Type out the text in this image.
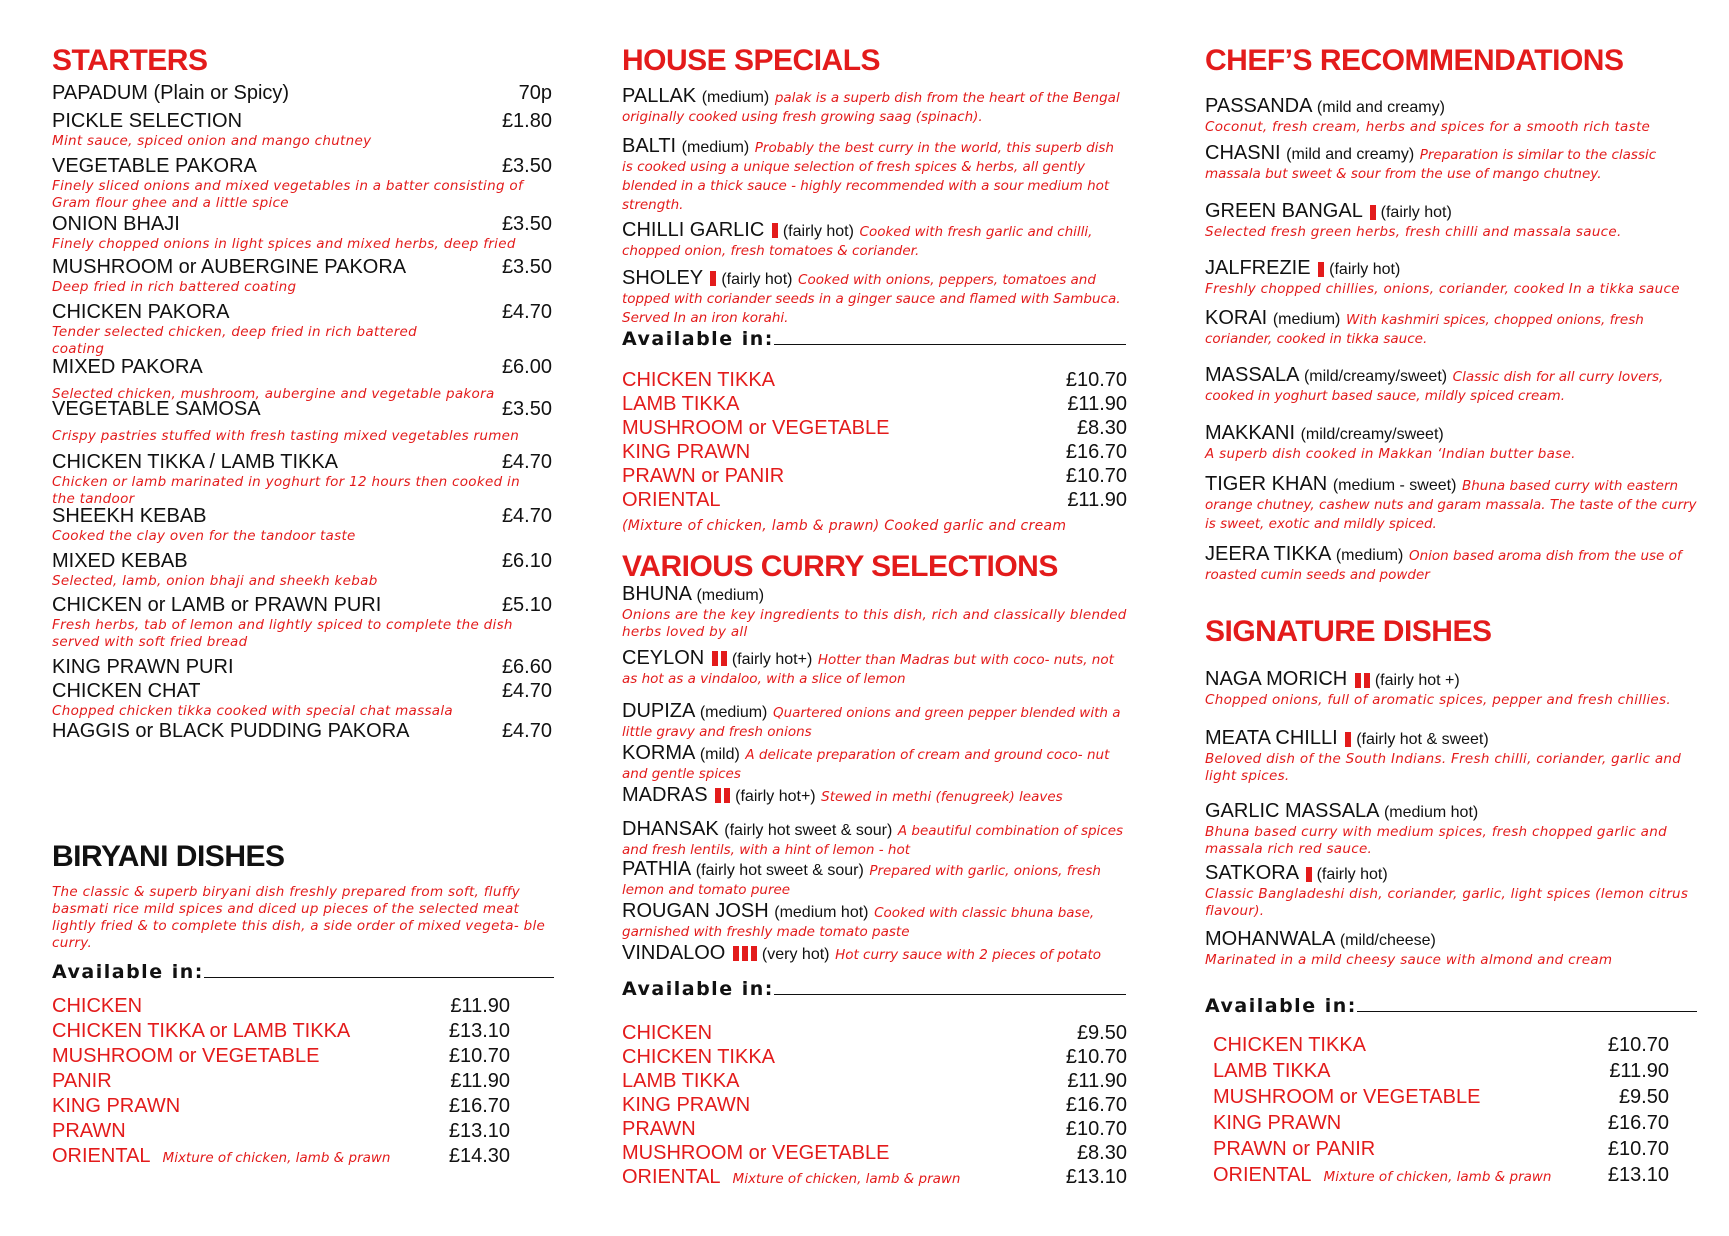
STARTERS
PAPADUM (Plain or Spicy)	70p
PICKLE SELECTION	£1.80
Mint sauce, spiced onion and mango chutney
VEGETABLE PAKORA	£3.50
Finely sliced onions and mixed vegetables in a batter consisting of Gram flour ghee and a little spice
ONION BHAJI	£3.50
Finely chopped onions in light spices and mixed herbs, deep fried
MUSHROOM or AUBERGINE PAKORA	£3.50
Deep fried in rich battered coating
CHICKEN PAKORA	£4.70
Tender selected chicken, deep fried in rich battered coating
MIXED PAKORA	£6.00
Selected chicken, mushroom, aubergine and vegetable pakora
VEGETABLE SAMOSA	£3.50
Crispy pastries stuffed with fresh tasting mixed vegetables rumen
CHICKEN TIKKA / LAMB TIKKA	£4.70
Chicken or lamb marinated in yoghurt for 12 hours then cooked in the tandoor
SHEEKH KEBAB	£4.70
Cooked the clay oven for the tandoor taste
MIXED KEBAB	£6.10
Selected, lamb, onion bhaji and sheekh kebab
CHICKEN or LAMB or PRAWN PURI	£5.10
Fresh herbs, tab of lemon and lightly spiced to complete the dish served with soft fried bread
KING PRAWN PURI	£6.60
CHICKEN CHAT	£4.70
Chopped chicken tikka cooked with special chat massala
HAGGIS or BLACK PUDDING PAKORA	£4.70
BIRYANI DISHES
The classic & superb biryani dish freshly prepared from soft, fluffy basmati rice mild spices and diced up pieces of the selected meat lightly fried & to complete this dish, a side order of mixed vegeta- ble curry.
Available in:
CHICKEN	£11.90
CHICKEN TIKKA or LAMB TIKKA	£13.10
MUSHROOM or VEGETABLE	£10.70
PANIR	£11.90
KING PRAWN	£16.70
PRAWN	£13.10
ORIENTAL Mixture of chicken, lamb & prawn	£14.30
HOUSE SPECIALS
PALLAK (medium) palak is a superb dish from the heart of the Bengal originally cooked using fresh growing saag (spinach).
BALTI (medium) Probably the best curry in the world, this superb dish is cooked using a unique selection of fresh spices & herbs, all gently blended in a thick sauce - highly recommended with a sour medium hot strength.
CHILLI GARLIC (fairly hot) Cooked with fresh garlic and chilli, chopped onion, fresh tomatoes & coriander.
SHOLEY (fairly hot) Cooked with onions, peppers, tomatoes and topped with coriander seeds in a ginger sauce and flamed with Sambuca. Served In an iron korahi.
Available in:
CHICKEN TIKKA	£10.70
LAMB TIKKA	£11.90
MUSHROOM or VEGETABLE	£8.30
KING PRAWN	£16.70
PRAWN or PANIR	£10.70
ORIENTAL	£11.90
(Mixture of chicken, lamb & prawn) Cooked garlic and cream
VARIOUS CURRY SELECTIONS
BHUNA (medium)
Onions are the key ingredients to this dish, rich and classically blended herbs loved by all
CEYLON (fairly hot+) Hotter than Madras but with coco- nuts, not as hot as a vindaloo, with a slice of lemon
DUPIZA (medium) Quartered onions and green pepper blended with a little gravy and fresh onions
KORMA (mild) A delicate preparation of cream and ground coco- nut and gentle spices
MADRAS (fairly hot+) Stewed in methi (fenugreek) leaves
DHANSAK (fairly hot sweet & sour) A beautiful combination of spices and fresh lentils, with a hint of lemon - hot
PATHIA (fairly hot sweet & sour) Prepared with garlic, onions, fresh lemon and tomato puree
ROUGAN JOSH (medium hot) Cooked with classic bhuna base, garnished with freshly made tomato paste
VINDALOO (very hot) Hot curry sauce with 2 pieces of potato
Available in:
CHICKEN	£9.50
CHICKEN TIKKA	£10.70
LAMB TIKKA	£11.90
KING PRAWN	£16.70
PRAWN	£10.70
MUSHROOM or VEGETABLE	£8.30
ORIENTAL Mixture of chicken, lamb & prawn	£13.10
CHEF’S RECOMMENDATIONS
PASSANDA (mild and creamy)
Coconut, fresh cream, herbs and spices for a smooth rich taste
CHASNI (mild and creamy) Preparation is similar to the classic massala but sweet & sour from the use of mango chutney.
GREEN BANGAL (fairly hot)
Selected fresh green herbs, fresh chilli and massala sauce.
JALFREZIE (fairly hot)
Freshly chopped chillies, onions, coriander, cooked In a tikka sauce
KORAI (medium) With kashmiri spices, chopped onions, fresh coriander, cooked in tikka sauce.
MASSALA (mild/creamy/sweet) Classic dish for all curry lovers, cooked in yoghurt based sauce, mildly spiced cream.
MAKKANI (mild/creamy/sweet)
A superb dish cooked in Makkan ‘Indian butter base.
TIGER KHAN (medium - sweet) Bhuna based curry with eastern orange chutney, cashew nuts and garam massala. The taste of the curry is sweet, exotic and mildly spiced.
JEERA TIKKA (medium) Onion based aroma dish from the use of roasted cumin seeds and powder
SIGNATURE DISHES
NAGA MORICH (fairly hot +)
Chopped onions, full of aromatic spices, pepper and fresh chillies.
MEATA CHILLI (fairly hot & sweet)
Beloved dish of the South Indians. Fresh chilli, coriander, garlic and light spices.
GARLIC MASSALA (medium hot)
Bhuna based curry with medium spices, fresh chopped garlic and massala rich red sauce.
SATKORA (fairly hot)
Classic Bangladeshi dish, coriander, garlic, light spices (lemon citrus flavour).
MOHANWALA (mild/cheese)
Marinated in a mild cheesy sauce with almond and cream
Available in:
CHICKEN TIKKA	£10.70
LAMB TIKKA	£11.90
MUSHROOM or VEGETABLE	£9.50
KING PRAWN	£16.70
PRAWN or PANIR	£10.70
ORIENTAL Mixture of chicken, lamb & prawn	£13.10
